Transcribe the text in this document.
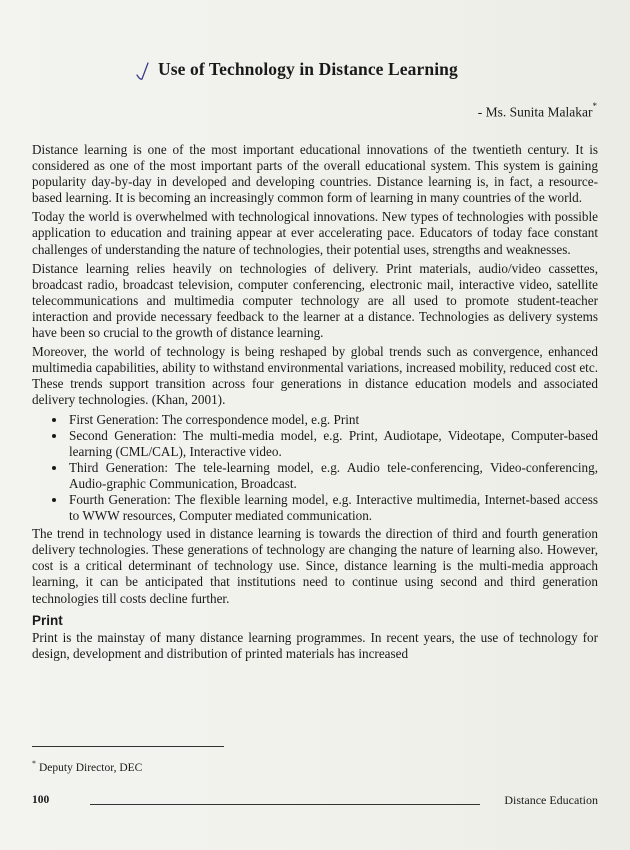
Use of Technology in Distance Learning
- Ms. Sunita Malakar*

Distance learning is one of the most important educational innovations of the twentieth century. It is considered as one of the most important parts of the overall educational system. This system is gaining popularity day-by-day in developed and developing countries. Distance learning is, in fact, a resource-based learning. It is becoming an increasingly common form of learning in many countries of the world.

Today the world is overwhelmed with technological innovations. New types of technologies with possible application to education and training appear at ever accelerating pace. Educators of today face constant challenges of understanding the nature of technologies, their potential uses, strengths and weaknesses.

Distance learning relies heavily on technologies of delivery. Print materials, audio/video cassettes, broadcast radio, broadcast television, computer conferencing, electronic mail, interactive video, satellite telecommunications and multimedia computer technology are all used to promote student-teacher interaction and provide necessary feedback to the learner at a distance. Technologies as delivery systems have been so crucial to the growth of distance learning.

Moreover, the world of technology is being reshaped by global trends such as convergence, enhanced multimedia capabilities, ability to withstand environmental variations, increased mobility, reduced cost etc. These trends support transition across four generations in distance education models and associated delivery technologies. (Khan, 2001).

• First Generation: The correspondence model, e.g. Print
• Second Generation: The multi-media model, e.g. Print, Audiotape, Videotape, Computer-based learning (CML/CAL), Interactive video.
• Third Generation: The tele-learning model, e.g. Audio tele-conferencing, Video-conferencing, Audio-graphic Communication, Broadcast.
• Fourth Generation: The flexible learning model, e.g. Interactive multimedia, Internet-based access to WWW resources, Computer mediated communication.

The trend in technology used in distance learning is towards the direction of third and fourth generation delivery technologies. These generations of technology are changing the nature of learning also. However, cost is a critical determinant of technology use. Since, distance learning is the multi-media approach learning, it can be anticipated that institutions need to continue using second and third generation technologies till costs decline further.

Print

Print is the mainstay of many distance learning programmes. In recent years, the use of technology for design, development and distribution of printed materials has increased

* Deputy Director, DEC
100	Distance Education
